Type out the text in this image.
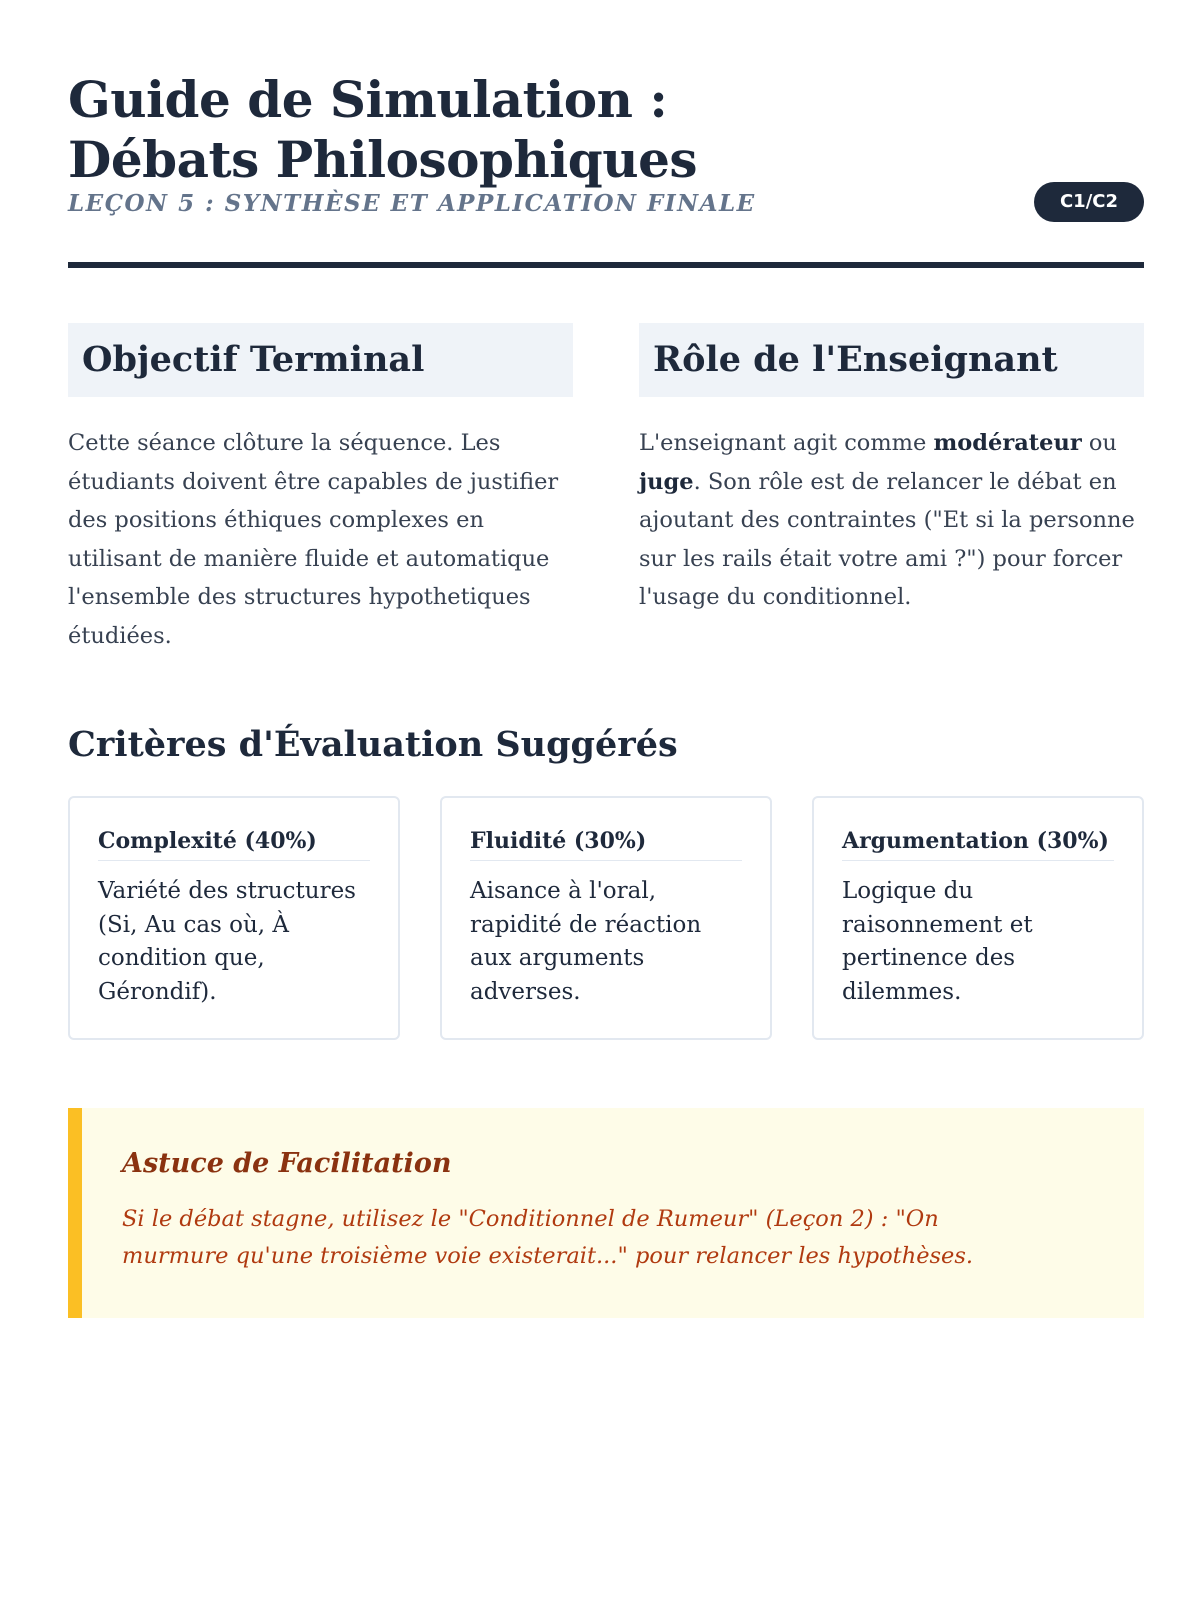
Guide de Simulation : Débats Philosophiques
LEÇON 5 : SYNTHÈSE ET APPLICATION FINALE	C1/C2
Objectif Terminal

Cette séance clôture la séquence. Les étudiants doivent être capables de justifier des positions éthiques complexes en utilisant de manière fluide et automatique l'ensemble des structures hypothetiques étudiées.

Rôle de l'Enseignant

L'enseignant agit comme modérateur ou juge. Son rôle est de relancer le débat en ajoutant des contraintes ("Et si la personne sur les rails était votre ami ?") pour forcer l'usage du conditionnel.

Critères d'Évaluation Suggérés
Complexité (40%)
Variété des structures (Si, Au cas où, À condition que, Gérondif).
Fluidité (30%)
Aisance à l'oral, rapidité de réaction aux arguments adverses.
Argumentation (30%)
Logique du raisonnement et pertinence des dilemmes.
Astuce de Facilitation
Si le débat stagne, utilisez le "Conditionnel de Rumeur" (Leçon 2) : "On murmure qu'une troisième voie existerait..." pour relancer les hypothèses.
